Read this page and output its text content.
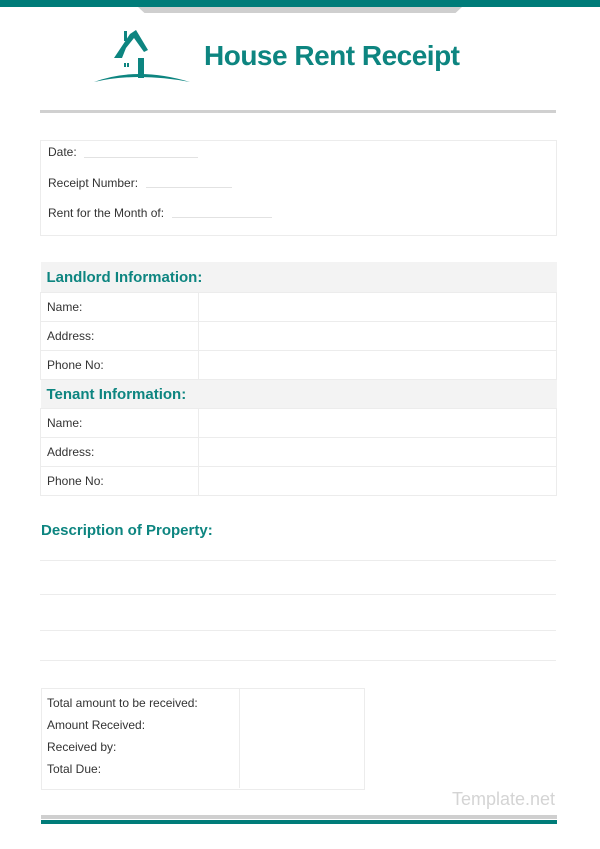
House Rent Receipt
Date:
Receipt Number:
Rent for the Month of:
Landlord Information:	
Name:	
Address:	
Phone No:	
Tenant Information:	
Name:	
Address:	
Phone No:	
Description of Property:
Total amount to be received:
Amount Received:
Received by:
Total Due:
Template.net
